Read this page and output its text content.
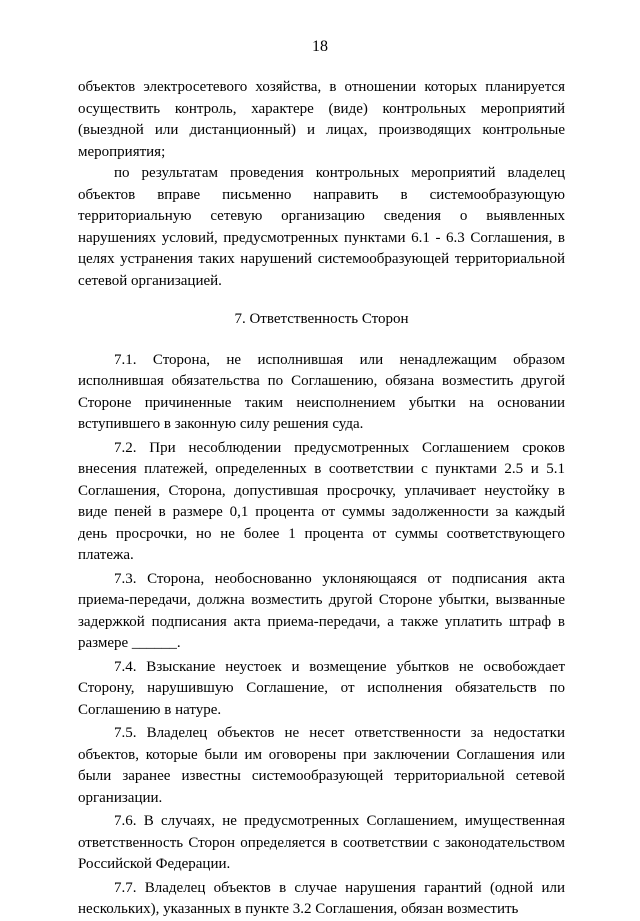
18

объектов электросетевого хозяйства, в отношении которых планируется осуществить контроль, характере (виде) контрольных мероприятий (выездной или дистанционный) и лицах, производящих контрольные мероприятия;

по результатам проведения контрольных мероприятий владелец объектов вправе письменно направить в системообразующую территориальную сетевую организацию сведения о выявленных нарушениях условий, предусмотренных пунктами 6.1 - 6.3 Соглашения, в целях устранения таких нарушений системообразующей территориальной сетевой организацией.

7. Ответственность Сторон

7.1. Сторона, не исполнившая или ненадлежащим образом исполнившая обязательства по Соглашению, обязана возместить другой Стороне причиненные таким неисполнением убытки на основании вступившего в законную силу решения суда.

7.2. При несоблюдении предусмотренных Соглашением сроков внесения платежей, определенных в соответствии с пунктами 2.5 и 5.1 Соглашения, Сторона, допустившая просрочку, уплачивает неустойку в виде пеней в размере 0,1 процента от суммы задолженности за каждый день просрочки, но не более 1 процента от суммы соответствующего платежа.

7.3. Сторона, необоснованно уклоняющаяся от подписания акта приема-передачи, должна возместить другой Стороне убытки, вызванные задержкой подписания акта приема-передачи, а также уплатить штраф в размере ______.

7.4. Взыскание неустоек и возмещение убытков не освобождает Сторону, нарушившую Соглашение, от исполнения обязательств по Соглашению в натуре.

7.5. Владелец объектов не несет ответственности за недостатки объектов, которые были им оговорены при заключении Соглашения или были заранее известны системообразующей территориальной сетевой организации.

7.6. В случаях, не предусмотренных Соглашением, имущественная ответственность Сторон определяется в соответствии с законодательством Российской Федерации.

7.7. Владелец объектов в случае нарушения гарантий (одной или нескольких), указанных в пункте 3.2 Соглашения, обязан возместить
